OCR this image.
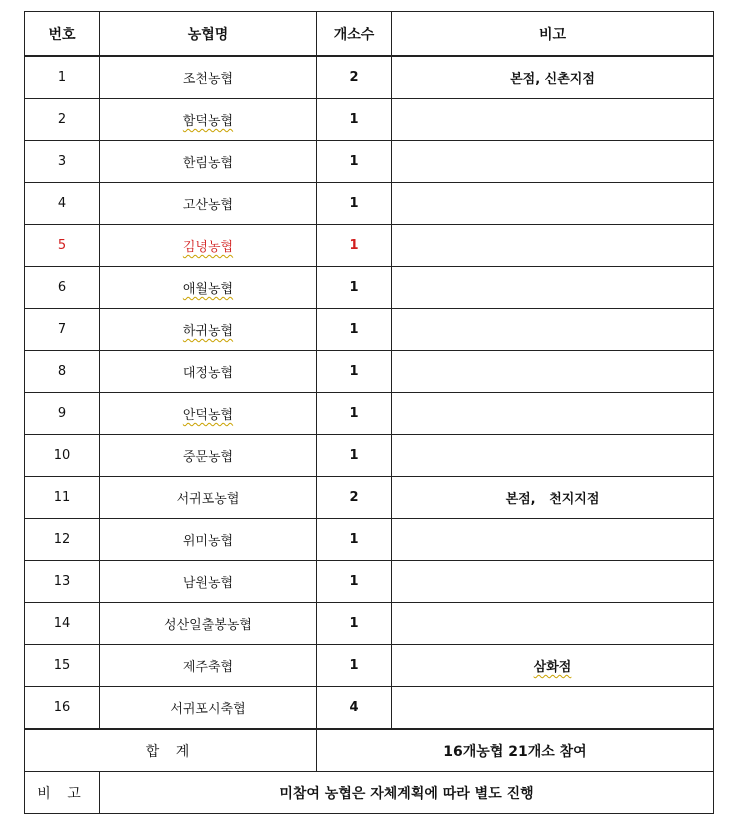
번호	농협명	개소수	비고
1	조천농협	2	본점, 신촌지점
2	함덕농협	1	
3	한림농협	1	
4	고산농협	1	
5	김녕농협	1	
6	애월농협	1	
7	하귀농협	1	
8	대정농협	1	
9	안덕농협	1	
10	중문농협	1	
11	서귀포농협	2	본점,   천지지점
12	위미농협	1	
13	남원농협	1	
14	성산일출봉농협	1	
15	제주축협	1	삼화점
16	서귀포시축협	4	
합 계		16개농협 21개소 참여	
비 고	미참여 농협은 자체계획에 따라 별도 진행		
